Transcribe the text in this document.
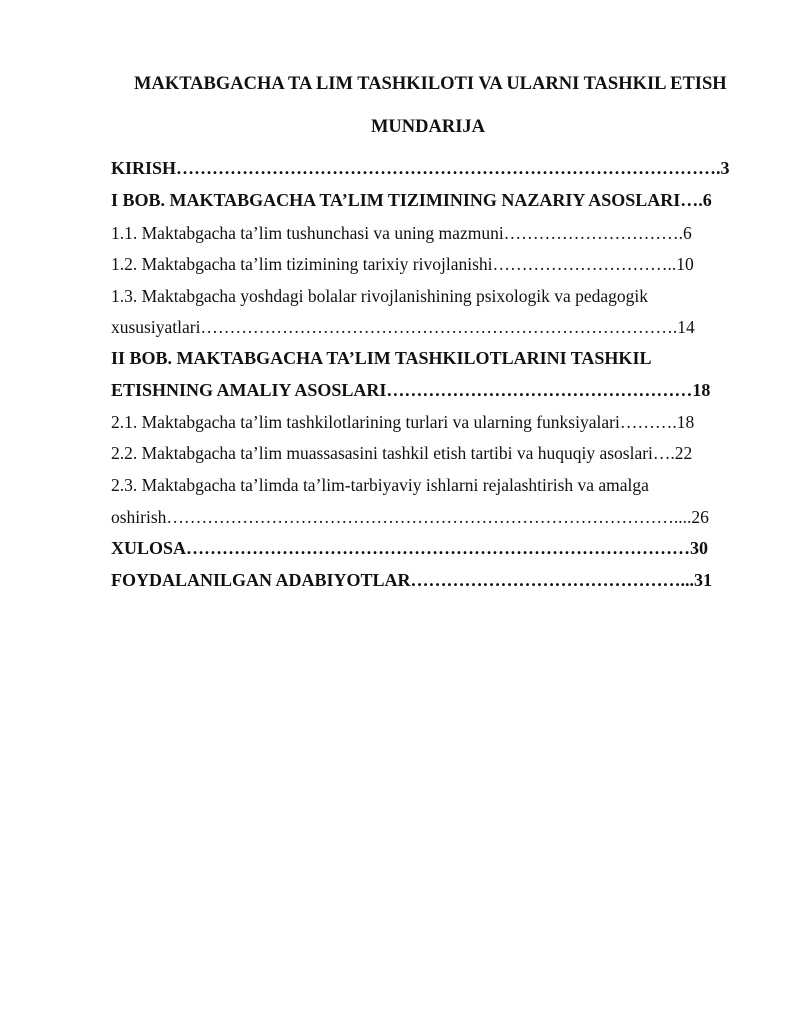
MAKTABGACHA TA LIM TASHKILOTI VA ULARNI TASHKIL ETISH
MUNDARIJA
KIRISH……………………………………………………………………………….3
I BOB. MAKTABGACHA TA’LIM TIZIMINING NAZARIY ASOSLARI….6
1.1. Maktabgacha ta’lim tushunchasi va uning mazmuni………………………….6
1.2. Maktabgacha ta’lim tizimining tarixiy rivojlanishi…………………………..10
1.3. Maktabgacha yoshdagi bolalar rivojlanishining psixologik va pedagogik
xususiyatlari……………………………………………………………………….14
II BOB. MAKTABGACHA TA’LIM TASHKILOTLARINI TASHKIL
ETISHNING AMALIY ASOSLARI……………………………………………18
2.1. Maktabgacha ta’lim tashkilotlarining turlari va ularning funksiyalari……….18
2.2. Maktabgacha ta’lim muassasasini tashkil etish tartibi va huquqiy asoslari….22
2.3. Maktabgacha ta’limda ta’lim-tarbiyaviy ishlarni rejalashtirish va amalga
oshirish……………………………………………………………………………....26
XULOSA…………………………………………………………………………30
FOYDALANILGAN ADABIYOTLAR………………………………………...31
